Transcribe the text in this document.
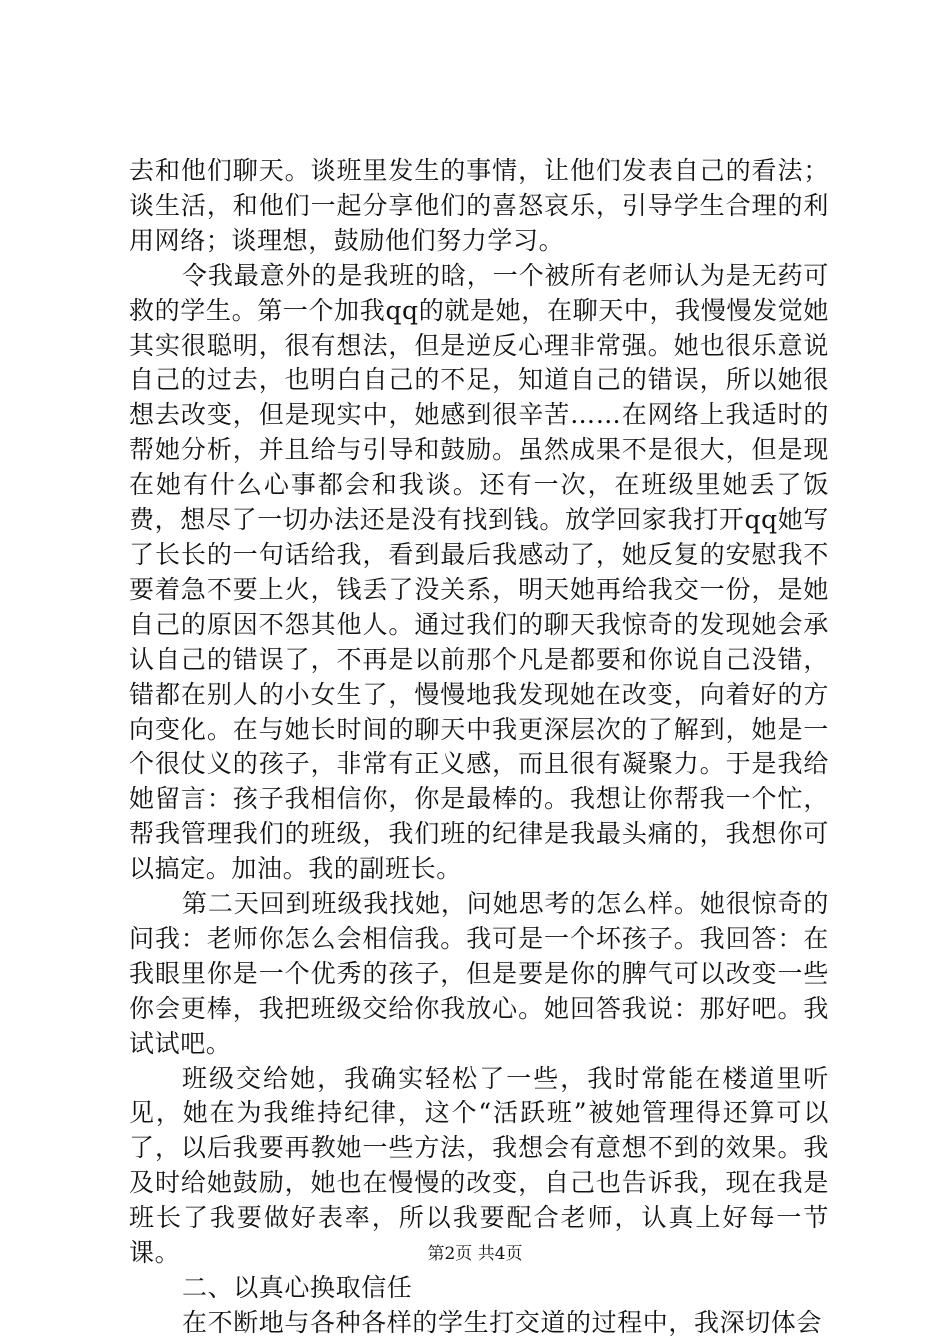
去和他们聊天。谈班里发生的事情，让他们发表自己的看法；谈生活，和他们一起分享他们的喜怒哀乐，引导学生合理的利用网络；谈理想，鼓励他们努力学习。

令我最意外的是我班的晗，一个被所有老师认为是无药可救的学生。第一个加我qq的就是她，在聊天中，我慢慢发觉她其实很聪明，很有想法，但是逆反心理非常强。她也很乐意说自己的过去，也明白自己的不足，知道自己的错误，所以她很想去改变，但是现实中，她感到很辛苦……在网络上我适时的帮她分析，并且给与引导和鼓励。虽然成果不是很大，但是现在她有什么心事都会和我谈。还有一次，在班级里她丢了饭费，想尽了一切办法还是没有找到钱。放学回家我打开qq她写了长长的一句话给我，看到最后我感动了，她反复的安慰我不要着急不要上火，钱丢了没关系，明天她再给我交一份，是她自己的原因不怨其他人。通过我们的聊天我惊奇的发现她会承认自己的错误了，不再是以前那个凡是都要和你说自己没错，错都在别人的小女生了，慢慢地我发现她在改变，向着好的方向变化。在与她长时间的聊天中我更深层次的了解到，她是一个很仗义的孩子，非常有正义感，而且很有凝聚力。于是我给她留言：孩子我相信你，你是最棒的。我想让你帮我一个忙，帮我管理我们的班级，我们班的纪律是我最头痛的，我想你可以搞定。加油。我的副班长。

第二天回到班级我找她，问她思考的怎么样。她很惊奇的问我：老师你怎么会相信我。我可是一个坏孩子。我回答：在我眼里你是一个优秀的孩子，但是要是你的脾气可以改变一些你会更棒，我把班级交给你我放心。她回答我说：那好吧。我试试吧。

班级交给她，我确实轻松了一些，我时常能在楼道里听见，她在为我维持纪律，这个“活跃班”被她管理得还算可以了，以后我要再教她一些方法，我想会有意想不到的效果。我及时给她鼓励，她也在慢慢的改变，自己也告诉我，现在我是班长了我要做好表率，所以我要配合老师，认真上好每一节课。

二、以真心换取信任

在不断地与各种各样的学生打交道的过程中，我深切体会

第2页 共4页
